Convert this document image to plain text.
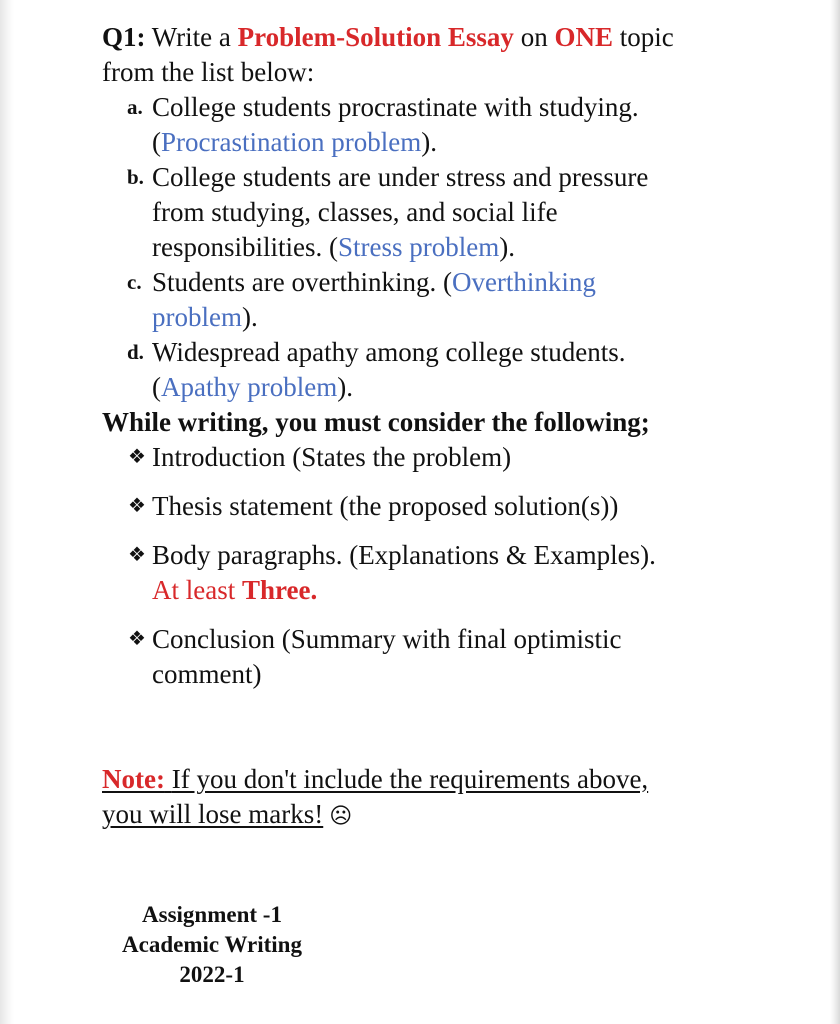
Q1: Write a Problem-Solution Essay on ONE topic
from the list below:
a. College students procrastinate with studying.
(Procrastination problem).
b. College students are under stress and pressure
from studying, classes, and social life
responsibilities. (Stress problem).
c. Students are overthinking. (Overthinking
problem).
d. Widespread apathy among college students.
(Apathy problem).
While writing, you must consider the following;
❖ Introduction (States the problem)
❖ Thesis statement (the proposed solution(s))
❖ Body paragraphs. (Explanations & Examples).
At least Three.
❖ Conclusion (Summary with final optimistic
comment)
Note: If you don't include the requirements above,
you will lose marks! ☹
Assignment -1
Academic Writing
2022-1
